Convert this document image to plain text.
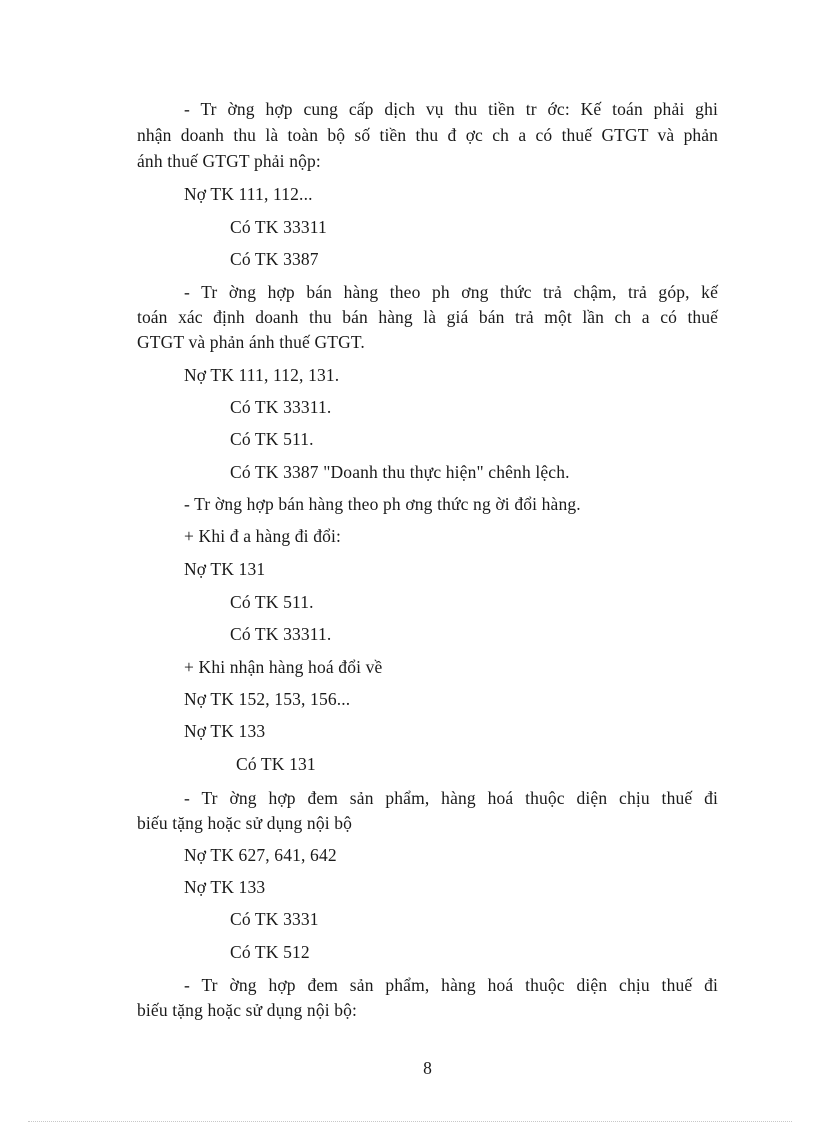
- Tr ờng hợp cung cấp dịch vụ thu tiền tr ớc: Kế toán phải ghi
nhận doanh thu là toàn bộ số tiền thu đ ợc ch a có thuế GTGT và phản
ánh thuế GTGT phải nộp:
Nợ TK 111, 112...
Có TK 33311
Có TK 3387
- Tr ờng hợp bán hàng theo ph ơng thức trả chậm, trả góp, kế
toán xác định doanh thu bán hàng là giá bán trả một lần ch a có thuế
GTGT và phản ánh thuế GTGT.
Nợ TK 111, 112, 131.
Có TK 33311.
Có TK 511.
Có TK 3387 "Doanh thu thực hiện" chênh lệch.
- Tr ờng hợp bán hàng theo ph ơng thức ng ời đổi hàng.
+ Khi đ a hàng đi đổi:
Nợ TK 131
Có TK 511.
Có TK 33311.
+ Khi nhận hàng hoá đổi về
Nợ TK 152, 153, 156...
Nợ TK 133
Có TK 131
- Tr ờng hợp đem sản phẩm, hàng hoá thuộc diện chịu thuế đi
biếu tặng hoặc sử dụng nội bộ
Nợ TK 627, 641, 642
Nợ TK 133
Có TK 3331
Có TK 512
- Tr ờng hợp đem sản phẩm, hàng hoá thuộc diện chịu thuế đi
biếu tặng hoặc sử dụng nội bộ:
8
